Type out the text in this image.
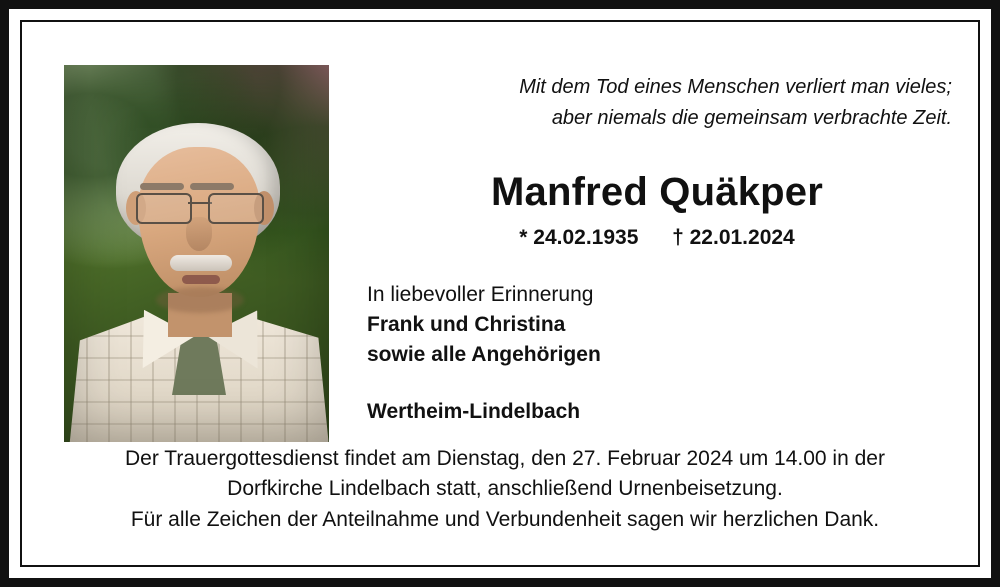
Mit dem Tod eines Menschen verliert man vieles;
aber niemals die gemeinsam verbrachte Zeit.
Manfred Quäkper
* 24.02.1935 † 22.01.2024
In liebevoller Erinnerung
Frank und Christina
sowie alle Angehörigen
Wertheim-Lindelbach
Der Trauergottesdienst findet am Dienstag, den 27. Februar 2024 um 14.00 in der
Dorfkirche Lindelbach statt, anschließend Urnenbeisetzung.
Für alle Zeichen der Anteilnahme und Verbundenheit sagen wir herzlichen Dank.
